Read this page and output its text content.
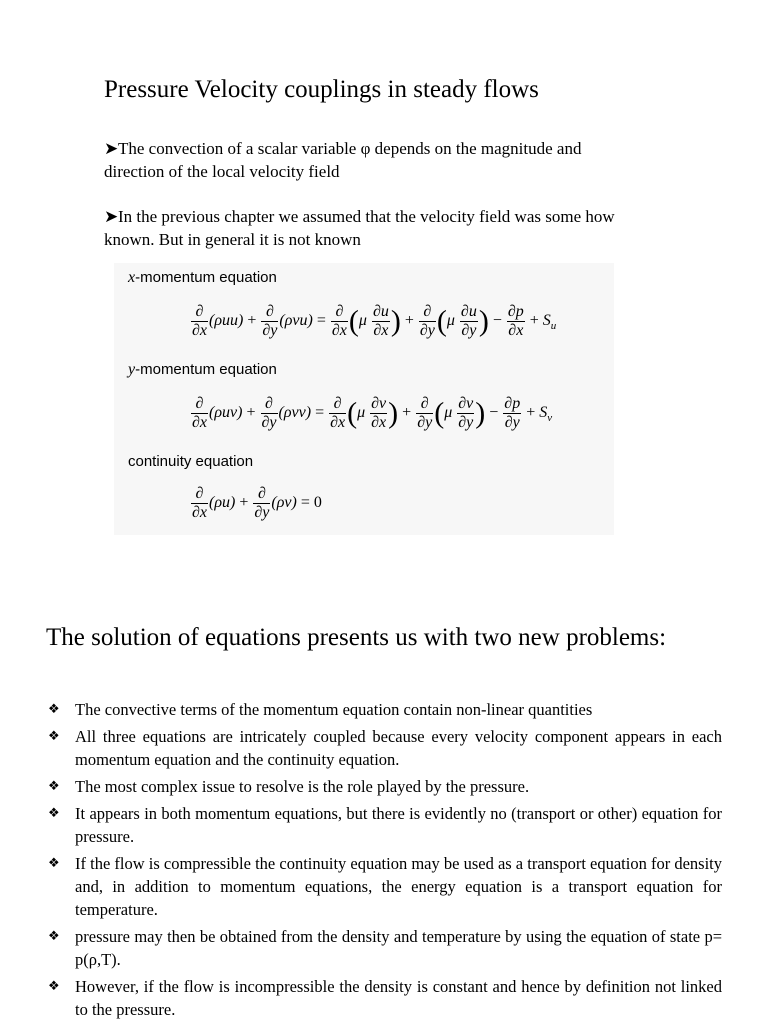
Pressure Velocity couplings in steady flows
➤The convection of a scalar variable φ depends on the magnitude and direction of the local velocity field
➤In the previous chapter we assumed that the velocity field was some how known. But in general it is not known
x-momentum equation
$\frac{\partial}{\partial x} (\rho uu) + \frac{\partial}{\partial y} (\rho vu) = \frac{\partial}{\partial x} (\mu \frac{\partial u}{\partial x}$ ) + $\frac{\partial}{\partial y} (\mu \frac{\partial u}{\partial y}$ ) − $\frac{\partial p}{\partial x} + S_u$
y-momentum equation
$\frac{\partial}{\partial x} (\rho uv) + \frac{\partial}{\partial y} (\rho vv) = \frac{\partial}{\partial x} (\mu \frac{\partial v}{\partial x}$ ) + $\frac{\partial}{\partial y} (\mu \frac{\partial v}{\partial y}$ ) − $\frac{\partial p}{\partial y} + S_v$
continuity equation
$\frac{\partial}{\partial x} (\rho u) + \frac{\partial}{\partial y} (\rho v) = 0$
The solution of equations presents us with two new problems:
❖ The convective terms of the momentum equation contain non-linear quantities
❖ All three equations are intricately coupled because every velocity component appears in each momentum equation and the continuity equation.
❖ The most complex issue to resolve is the role played by the pressure.
❖ It appears in both momentum equations, but there is evidently no (transport or other) equation for pressure.
❖ If the flow is compressible the continuity equation may be used as a transport equation for density and, in addition to momentum equations, the energy equation is a transport equation for temperature.
❖ pressure may then be obtained from the density and temperature by using the equation of state p= p(ρ,T).
❖ However, if the flow is incompressible the density is constant and hence by definition not linked to the pressure.
